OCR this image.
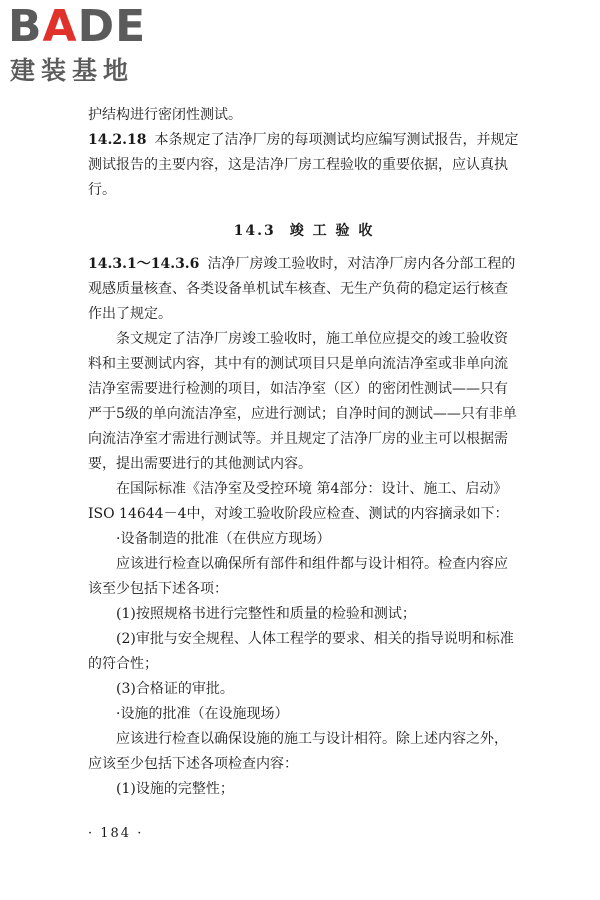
BADE
建装基地

护结构进行密闭性测试。

14.2.18 本条规定了洁净厂房的每项测试均应编写测试报告，并规定测试报告的主要内容，这是洁净厂房工程验收的重要依据，应认真执行。

14.3 竣 工 验 收

14.3.1～14.3.6 洁净厂房竣工验收时，对洁净厂房内各分部工程的观感质量核查、各类设备单机试车核查、无生产负荷的稳定运行核查作出了规定。

条文规定了洁净厂房竣工验收时，施工单位应提交的竣工验收资料和主要测试内容，其中有的测试项目只是单向流洁净室或非单向流洁净室需要进行检测的项目，如洁净室（区）的密闭性测试——只有严于5级的单向流洁净室，应进行测试；自净时间的测试——只有非单向流洁净室才需进行测试等。并且规定了洁净厂房的业主可以根据需要，提出需要进行的其他测试内容。

在国际标准《洁净室及受控环境 第4部分：设计、施工、启动》ISO 14644－4中，对竣工验收阶段应检查、测试的内容摘录如下：

·设备制造的批准（在供应方现场）

应该进行检查以确保所有部件和组件都与设计相符。检查内容应该至少包括下述各项：

(1)按照规格书进行完整性和质量的检验和测试；

(2)审批与安全规程、人体工程学的要求、相关的指导说明和标准的符合性；

(3)合格证的审批。

·设施的批准（在设施现场）

应该进行检查以确保设施的施工与设计相符。除上述内容之外，应该至少包括下述各项检查内容：

(1)设施的完整性；

· 184 ·
